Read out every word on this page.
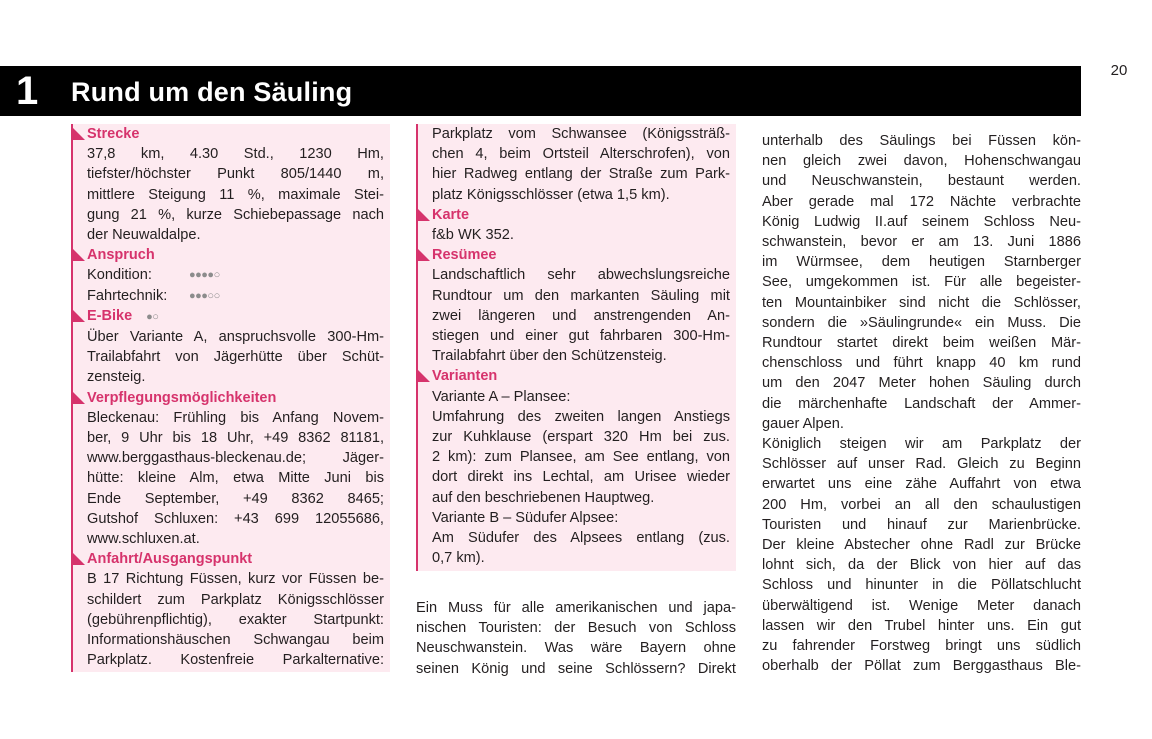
20
1 Rund um den Säuling
Strecke
37,8 km, 4.30 Std., 1230 Hm,
tiefster/höchster Punkt 805/1440 m,
mittlere Steigung 11 %, maximale Stei-
gung 21 %, kurze Schiebepassage nach
der Neuwaldalpe.
Anspruch
Kondition:	●●●●○
Fahrtechnik:	●●●○○
E-Bike ●○
Über Variante A, anspruchsvolle 300-Hm-
Trailabfahrt von Jägerhütte über Schüt-
zensteig.
Verpflegungsmöglichkeiten
Bleckenau: Frühling bis Anfang Novem-
ber, 9 Uhr bis 18 Uhr, +49 8362 81181,
www.berggasthaus-bleckenau.de; Jäger-
hütte: kleine Alm, etwa Mitte Juni bis
Ende September, +49 8362 8465;
Gutshof Schluxen: +43 699 12055686,
www.schluxen.at.
Anfahrt/Ausgangspunkt
B 17 Richtung Füssen, kurz vor Füssen be-
schildert zum Parkplatz Königsschlösser
(gebührenpflichtig), exakter Startpunkt:
Informationshäuschen Schwangau beim
Parkplatz. Kostenfreie Parkalternative:
Parkplatz vom Schwansee (Königssträß-
chen 4, beim Ortsteil Alterschrofen), von
hier Radweg entlang der Straße zum Park-
platz Königsschlösser (etwa 1,5 km).
Karte
f&b WK 352.
Resümee
Landschaftlich sehr abwechslungsreiche
Rundtour um den markanten Säuling mit
zwei längeren und anstrengenden An-
stiegen und einer gut fahrbaren 300-Hm-
Trailabfahrt über den Schützensteig.
Varianten
Variante A – Plansee:
Umfahrung des zweiten langen Anstiegs
zur Kuhklause (erspart 320 Hm bei zus.
2 km): zum Plansee, am See entlang, von
dort direkt ins Lechtal, am Urisee wieder
auf den beschriebenen Hauptweg.
Variante B – Südufer Alpsee:
Am Südufer des Alpsees entlang (zus.
0,7 km).
Ein Muss für alle amerikanischen und japa-
nischen Touristen: der Besuch von Schloss
Neuschwanstein. Was wäre Bayern ohne
seinen König und seine Schlössern? Direkt
unterhalb des Säulings bei Füssen kön-
nen gleich zwei davon, Hohenschwangau
und Neuschwanstein, bestaunt werden.
Aber gerade mal 172 Nächte verbrachte
König Ludwig II.auf seinem Schloss Neu-
schwanstein, bevor er am 13. Juni 1886
im Würmsee, dem heutigen Starnberger
See, umgekommen ist. Für alle begeister-
ten Mountainbiker sind nicht die Schlösser,
sondern die »Säulingrunde« ein Muss. Die
Rundtour startet direkt beim weißen Mär-
chenschloss und führt knapp 40 km rund
um den 2047 Meter hohen Säuling durch
die märchenhafte Landschaft der Ammer-
gauer Alpen.
Königlich steigen wir am Parkplatz der
Schlösser auf unser Rad. Gleich zu Beginn
erwartet uns eine zähe Auffahrt von etwa
200 Hm, vorbei an all den schaulustigen
Touristen und hinauf zur Marienbrücke.
Der kleine Abstecher ohne Radl zur Brücke
lohnt sich, da der Blick von hier auf das
Schloss und hinunter in die Pöllatschlucht
überwältigend ist. Wenige Meter danach
lassen wir den Trubel hinter uns. Ein gut
zu fahrender Forstweg bringt uns südlich
oberhalb der Pöllat zum Berggasthaus Ble-
